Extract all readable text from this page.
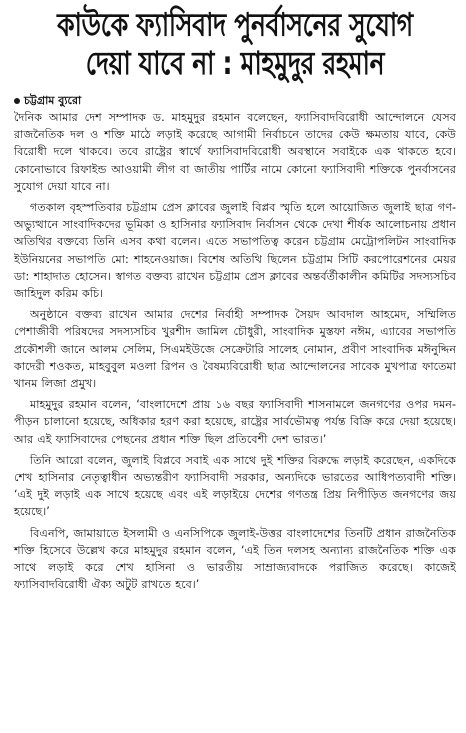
কাউকে ফ্যাসিবাদ পুনর্বাসনের সুযোগ
দেয়া যাবে না : মাহমুদুর রহমান
চট্টগ্রাম ব্যুরো

দৈনিক আমার দেশ সম্পাদক ড. মাহমুদুর রহমান বলেছেন, ফ্যাসিবাদবিরোধী আন্দোলনে যেসব রাজনৈতিক দল ও শক্তি মাঠে লড়াই করেছে আগামী নির্বাচনে তাদের কেউ ক্ষমতায় যাবে, কেউ বিরোধী দলে থাকবে। তবে রাষ্ট্রের স্বার্থে ফ্যাসিবাদবিরোধী অবস্থানে সবাইকে এক থাকতে হবে। কোনোভাবে রিফাইন্ড আওয়ামী লীগ বা জাতীয় পার্টির নামে কোনো ফ্যাসিবাদী শক্তিকে পুনর্বাসনের সুযোগ দেয়া যাবে না।

গতকাল বৃহস্পতিবার চট্টগ্রাম প্রেস ক্লাবের জুলাই বিপ্লব স্মৃতি হলে আয়োজিত জুলাই ছাত্র গণ-অভ্যুত্থানে সাংবাদিকদের ভূমিকা ও হাসিনার ফ্যাসিবাদ নির্বাসন থেকে দেখা শীর্ষক আলোচনায় প্রধান অতিথির বক্তব্যে তিনি এসব কথা বলেন। এতে সভাপতিত্ব করেন চট্টগ্রাম মেট্রোপলিটন সাংবাদিক ইউনিয়নের সভাপতি মো: শাহনেওয়াজ। বিশেষ অতিথি ছিলেন চট্টগ্রাম সিটি করপোরেশনের মেয়র ডা: শাহাদাত হোসেন। স্বাগত বক্তব্য রাখেন চট্টগ্রাম প্রেস ক্লাবের অন্তর্বর্তীকালীন কমিটির সদস্যসচিব জাহিদুল করিম কচি।

অনুষ্ঠানে বক্তব্য রাখেন আমার দেশের নির্বাহী সম্পাদক সৈয়দ আবদাল আহমেদ, সম্মিলিত পেশাজীবী পরিষদের সদস্যসচিব খুরশীদ জামিল চৌধুরী, সাংবাদিক মুস্তফা নঈম, এ্যাবের সভাপতি প্রকৌশলী জানে আলম সেলিম, সিএমইউজে সেক্রেটারি সালেহ নোমান, প্রবীণ সাংবাদিক মঈনুদ্দিন কাদেরী শওকত, মাহবুবুল মওলা রিপন ও বৈষম্যবিরোধী ছাত্র আন্দোলনের সাবেক মুখপাত্র ফাতেমা খানম লিজা প্রমুখ।

মাহমুদুর রহমান বলেন, ‘বাংলাদেশে প্রায় ১৬ বছর ফ্যাসিবাদী শাসনামলে জনগণের ওপর দমন-পীড়ন চালানো হয়েছে, অধিকার হরণ করা হয়েছে, রাষ্ট্রের সার্বভৌমত্ব পর্যন্ত বিক্রি করে দেয়া হয়েছে। আর এই ফ্যাসিবাদের পেছনের প্রধান শক্তি ছিল প্রতিবেশী দেশ ভারত।’

তিনি আরো বলেন, জুলাই বিপ্লবে সবাই এক সাথে দুই শক্তির বিরুদ্ধে লড়াই করেছেন, একদিকে শেখ হাসিনার নেতৃত্বাধীন অভ্যন্তরীণ ফ্যাসিবাদী সরকার, অন্যদিকে ভারতের আধিপত্যবাদী শক্তি। ‘এই দুই লড়াই এক সাথে হয়েছে এবং এই লড়াইয়ে দেশের গণতন্ত্র প্রিয় নিপীড়িত জনগণের জয় হয়েছে।’

বিএনপি, জামায়াতে ইসলামী ও এনসিপিকে জুলাই-উত্তর বাংলাদেশের তিনটি প্রধান রাজনৈতিক শক্তি হিসেবে উল্লেখ করে মাহমুদুর রহমান বলেন, ‘এই তিন দলসহ অন্যান্য রাজনৈতিক শক্তি এক সাথে লড়াই করে শেখ হাসিনা ও ভারতীয় সাম্রাজ্যবাদকে পরাজিত করেছে। কাজেই ফ্যাসিবাদবিরোধী ঐক্য অটুট রাখতে হবে।’
